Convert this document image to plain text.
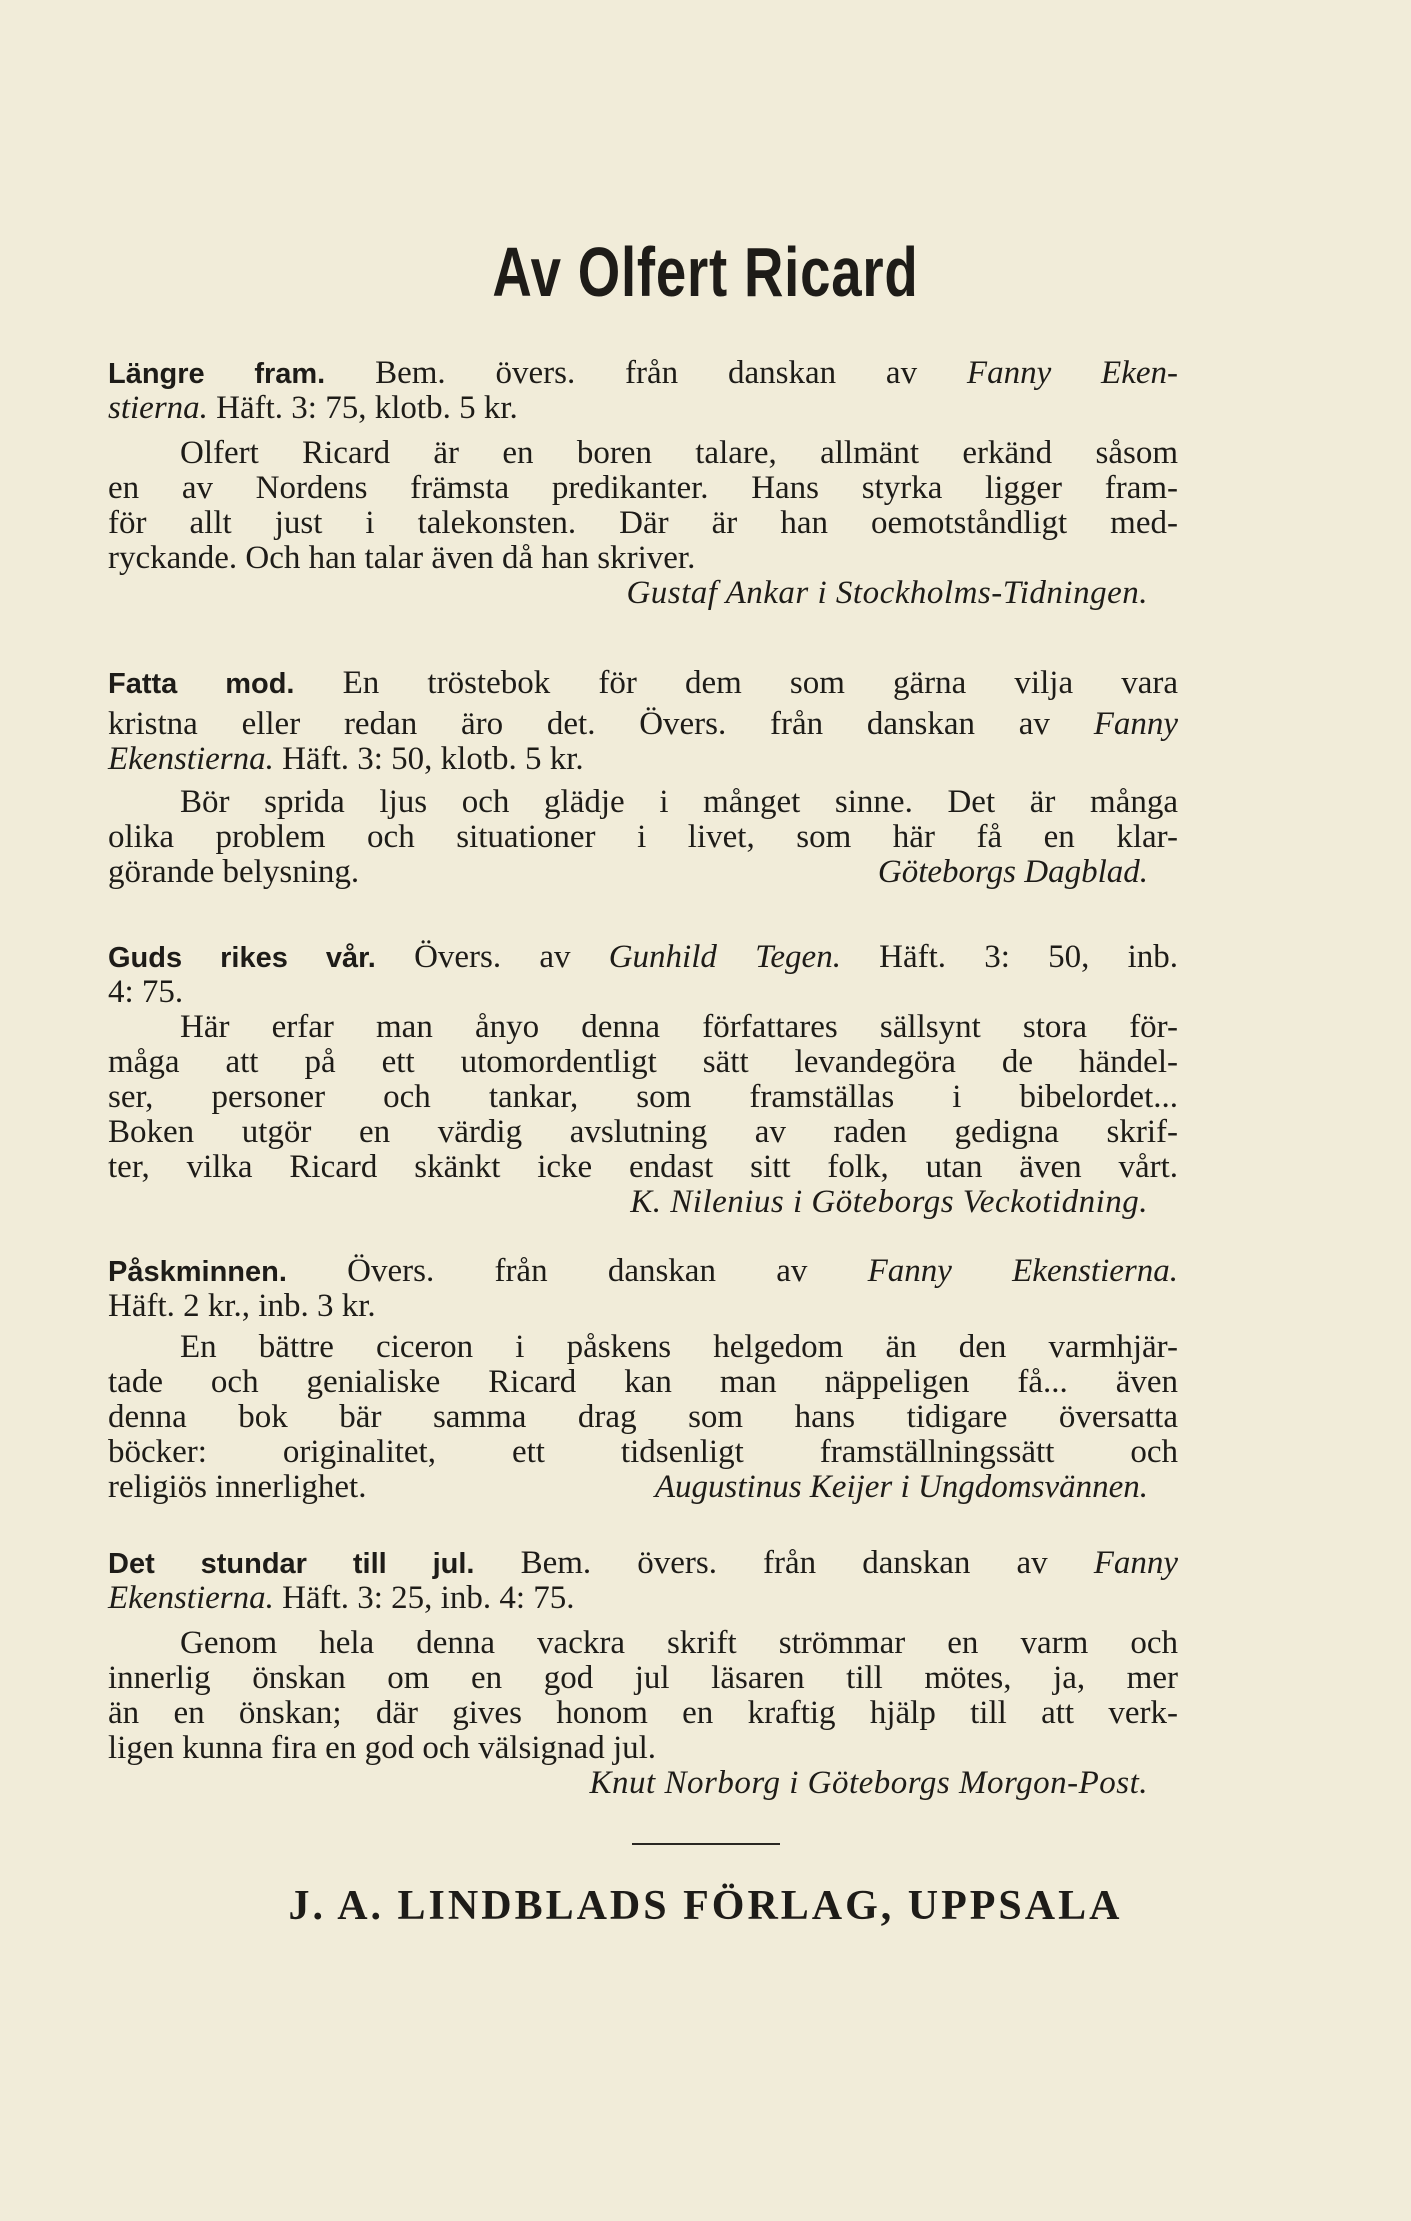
Av Olfert Ricard
Längre fram. Bem. övers. från danskan av Fanny Eken-
stierna. Häft. 3: 75, klotb. 5 kr.
Olfert Ricard är en boren talare, allmänt erkänd såsom
en av Nordens främsta predikanter. Hans styrka ligger fram-
för allt just i talekonsten. Där är han oemotståndligt med-
ryckande. Och han talar även då han skriver.
Gustaf Ankar i Stockholms-Tidningen.
Fatta mod. En tröstebok för dem som gärna vilja vara
kristna eller redan äro det. Övers. från danskan av Fanny
Ekenstierna. Häft. 3: 50, klotb. 5 kr.
Bör sprida ljus och glädje i månget sinne. Det är många
olika problem och situationer i livet, som här få en klar-
görande belysning.	Göteborgs Dagblad.
Guds rikes vår. Övers. av Gunhild Tegen. Häft. 3: 50, inb.
4: 75.
Här erfar man ånyo denna författares sällsynt stora för-
måga att på ett utomordentligt sätt levandegöra de händel-
ser, personer och tankar, som framställas i bibelordet...
Boken utgör en värdig avslutning av raden gedigna skrif-
ter, vilka Ricard skänkt icke endast sitt folk, utan även vårt.
K. Nilenius i Göteborgs Veckotidning.
Påskminnen. Övers. från danskan av Fanny Ekenstierna.
Häft. 2 kr., inb. 3 kr.
En bättre ciceron i påskens helgedom än den varmhjär-
tade och genialiske Ricard kan man näppeligen få... även
denna bok bär samma drag som hans tidigare översatta
böcker: originalitet, ett tidsenligt framställningssätt och
religiös innerlighet.	Augustinus Keijer i Ungdomsvännen.
Det stundar till jul. Bem. övers. från danskan av Fanny
Ekenstierna. Häft. 3: 25, inb. 4: 75.
Genom hela denna vackra skrift strömmar en varm och
innerlig önskan om en god jul läsaren till mötes, ja, mer
än en önskan; där gives honom en kraftig hjälp till att verk-
ligen kunna fira en god och välsignad jul.
Knut Norborg i Göteborgs Morgon-Post.
J. A. LINDBLADS FÖRLAG, UPPSALA
